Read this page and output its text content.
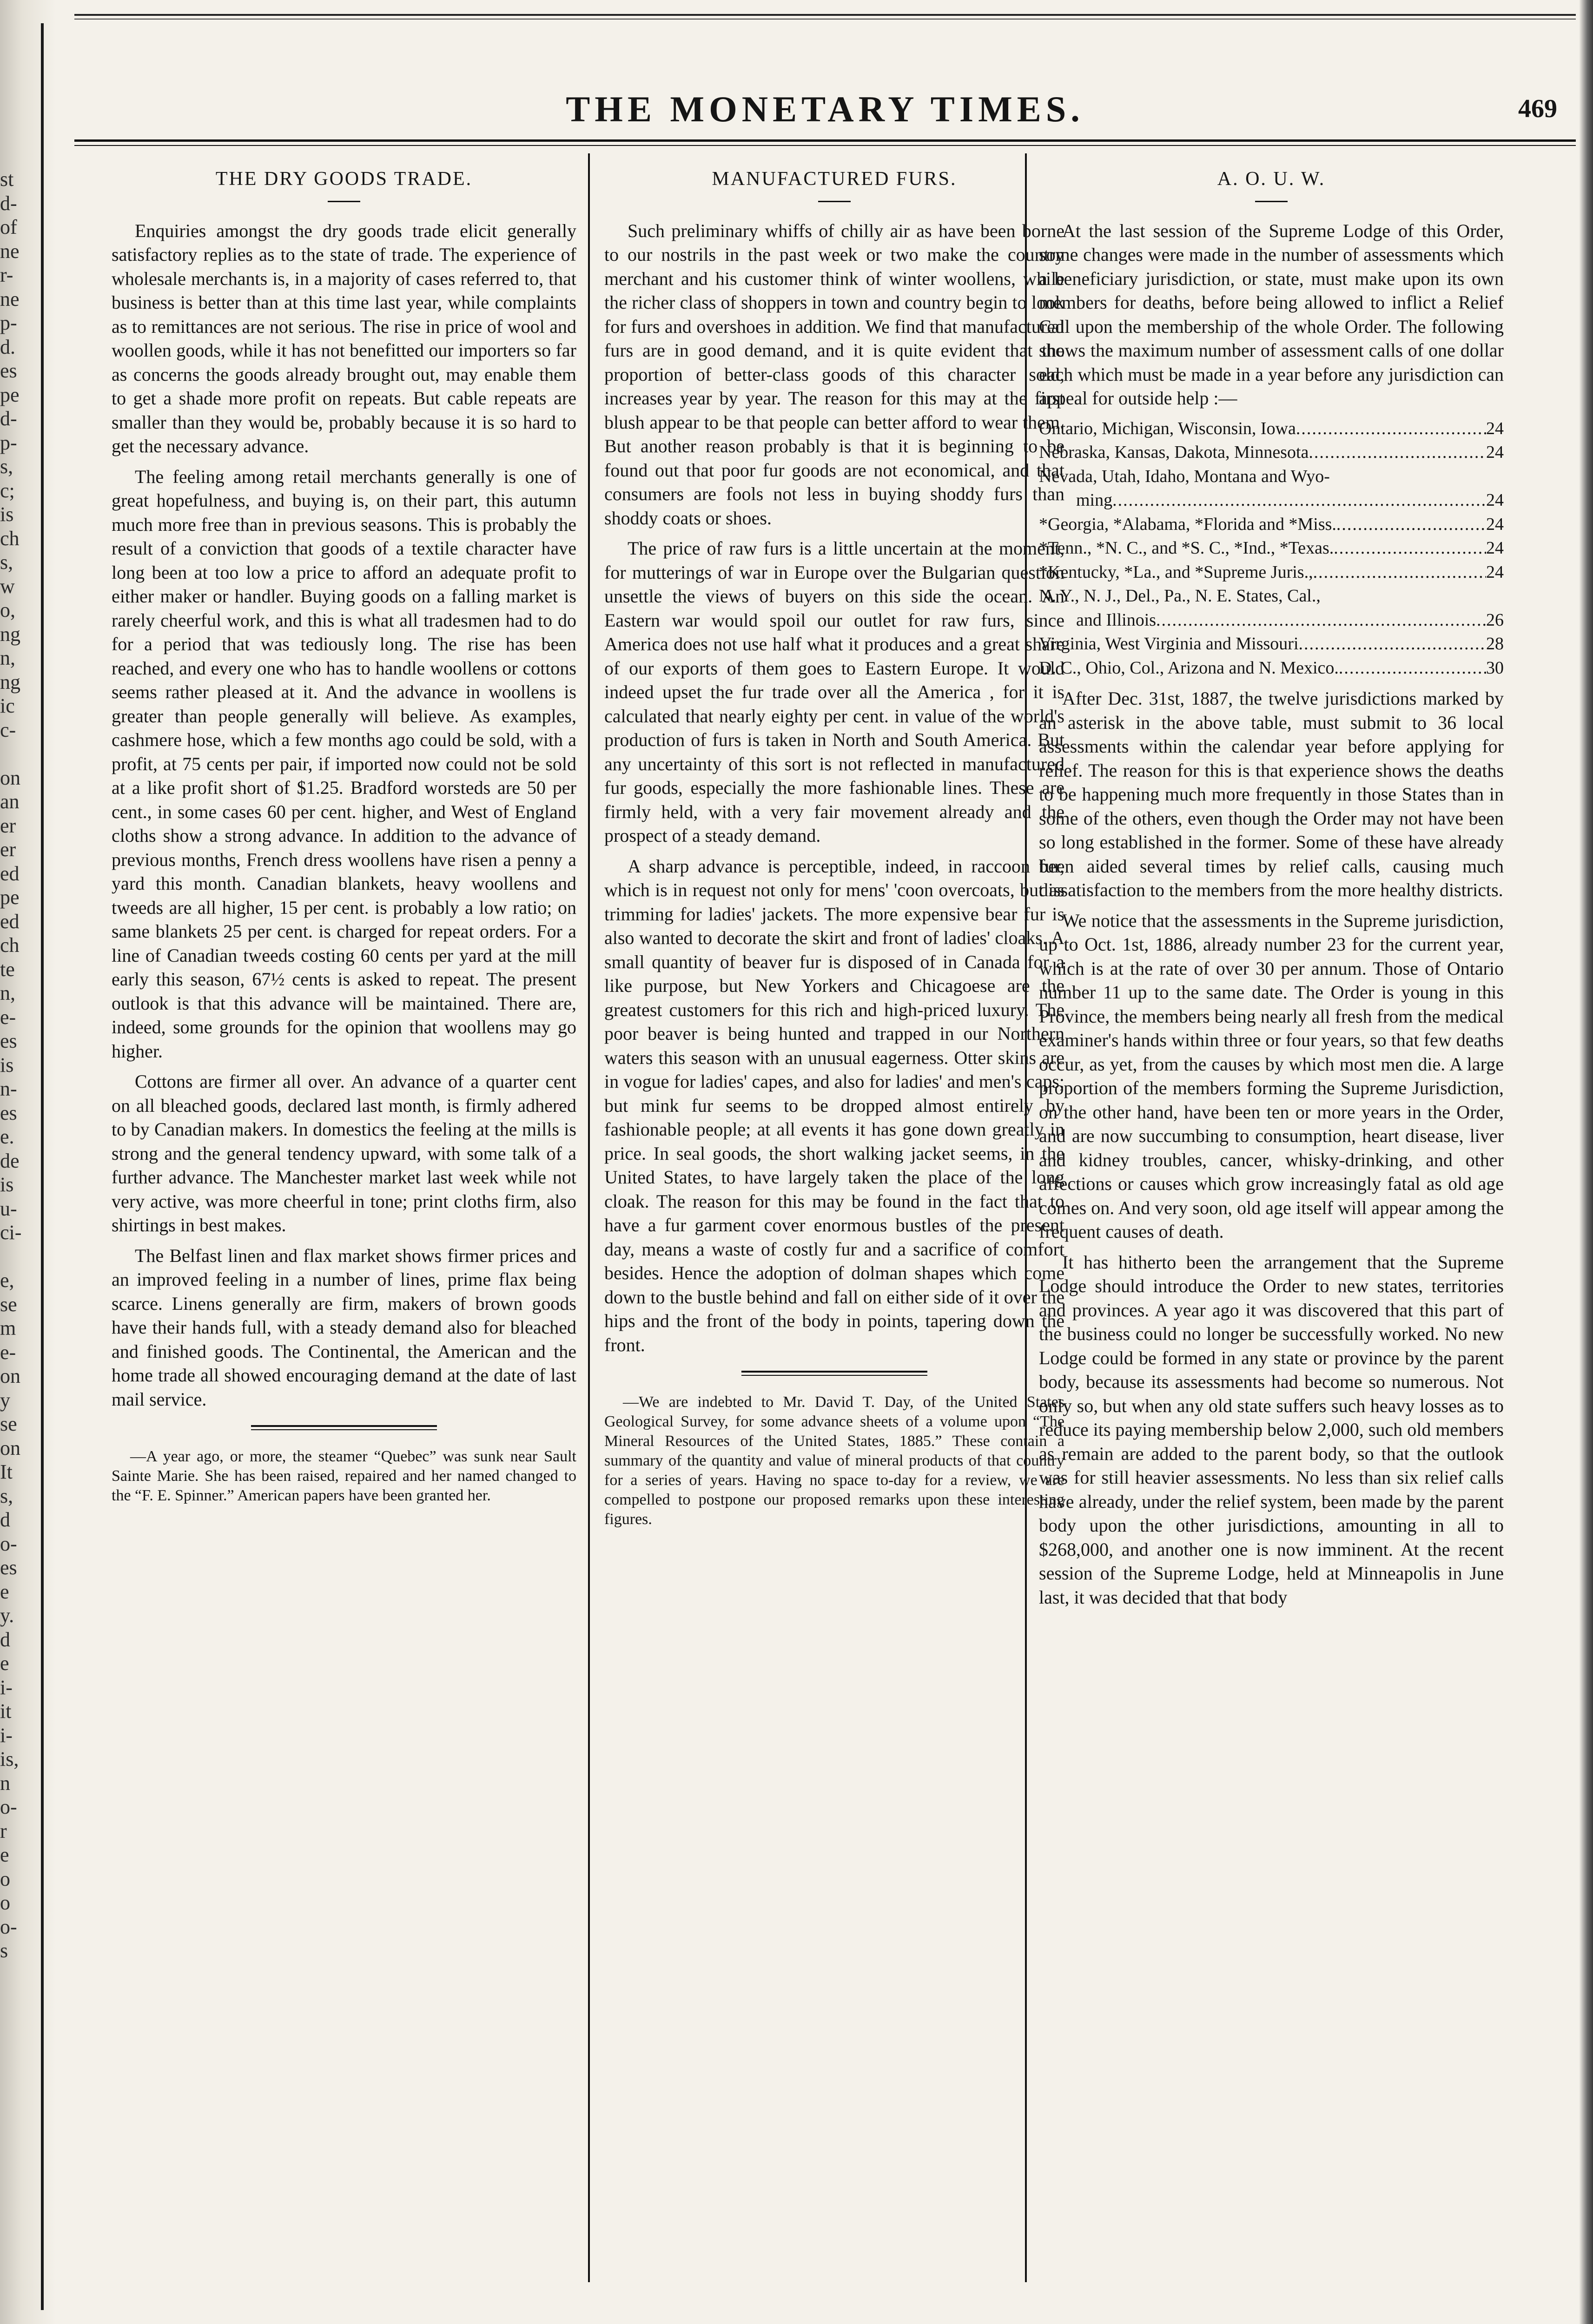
st
d-
of
ne
r-
ne
p-
d.
es
pe
d-
p-
s,
c;
is
ch
s,
w
o,
ng
n,
ng
ic
c-
on
an
er
er
ed
pe
ed
ch
te
n,
e-
es
is
n-
es
e.
de
is
u-
ci-
e,
se
m
e-
on
y
se
on
It
s,
d
o-
es
e
y.
d
e
i-
it
i-
is,
n
o-
r
e
o
o
o-
s
THE MONETARY TIMES.	469
THE DRY GOODS TRADE.

Enquiries amongst the dry goods trade elicit generally satisfactory replies as to the state of trade. The experience of wholesale merchants is, in a majority of cases referred to, that business is better than at this time last year, while complaints as to remittances are not serious. The rise in price of wool and woollen goods, while it has not benefitted our importers so far as concerns the goods already brought out, may enable them to get a shade more profit on repeats. But cable repeats are smaller than they would be, probably because it is so hard to get the necessary advance.

The feeling among retail merchants generally is one of great hopefulness, and buying is, on their part, this autumn much more free than in previous seasons. This is probably the result of a conviction that goods of a textile character have long been at too low a price to afford an adequate profit to either maker or handler. Buying goods on a falling market is rarely cheerful work, and this is what all tradesmen had to do for a period that was tediously long. The rise has been reached, and every one who has to handle woollens or cottons seems rather pleased at it. And the advance in woollens is greater than people generally will believe. As examples, cashmere hose, which a few months ago could be sold, with a profit, at 75 cents per pair, if imported now could not be sold at a like profit short of $1.25. Bradford worsteds are 50 per cent., in some cases 60 per cent. higher, and West of England cloths show a strong advance. In addition to the advance of previous months, French dress woollens have risen a penny a yard this month. Canadian blankets, heavy woollens and tweeds are all higher, 15 per cent. is probably a low ratio; on same blankets 25 per cent. is charged for repeat orders. For a line of Canadian tweeds costing 60 cents per yard at the mill early this season, 67½ cents is asked to repeat. The present outlook is that this advance will be maintained. There are, indeed, some grounds for the opinion that woollens may go higher.

Cottons are firmer all over. An advance of a quarter cent on all bleached goods, declared last month, is firmly adhered to by Canadian makers. In domestics the feeling at the mills is strong and the general tendency upward, with some talk of a further advance. The Manchester market last week while not very active, was more cheerful in tone; print cloths firm, also shirtings in best makes.

The Belfast linen and flax market shows firmer prices and an improved feeling in a number of lines, prime flax being scarce. Linens generally are firm, makers of brown goods have their hands full, with a steady demand also for bleached and finished goods. The Continental, the American and the home trade all showed encouraging demand at the date of last mail service.

—A year ago, or more, the steamer “Quebec” was sunk near Sault Sainte Marie. She has been raised, repaired and her named changed to the “F. E. Spinner.” American papers have been granted her.

MANUFACTURED FURS.

Such preliminary whiffs of chilly air as have been borne to our nostrils in the past week or two make the country merchant and his customer think of winter woollens, while the richer class of shoppers in town and country begin to look for furs and overshoes in addition. We find that manufactured furs are in good demand, and it is quite evident that the proportion of better-class goods of this character sold, increases year by year. The reason for this may at the first blush appear to be that people can better afford to wear them. But another reason probably is that it is beginning to be found out that poor fur goods are not economical, and that consumers are fools not less in buying shoddy furs than shoddy coats or shoes.

The price of raw furs is a little uncertain at the moment, for mutterings of war in Europe over the Bulgarian question unsettle the views of buyers on this side the ocean. An Eastern war would spoil our outlet for raw furs, since America does not use half what it produces and a great share of our exports of them goes to Eastern Europe. It would indeed upset the fur trade over all the America , for it is calculated that nearly eighty per cent. in value of the world's production of furs is taken in North and South America. But any uncertainty of this sort is not reflected in manufactured fur goods, especially the more fashionable lines. These are firmly held, with a very fair movement already and the prospect of a steady demand.

A sharp advance is perceptible, indeed, in raccoon fur, which is in request not only for mens' 'coon overcoats, but as trimming for ladies' jackets. The more expensive bear fur is also wanted to decorate the skirt and front of ladies' cloaks. A small quantity of beaver fur is disposed of in Canada for a like purpose, but New Yorkers and Chicagoese are the greatest customers for this rich and high-priced luxury. The poor beaver is being hunted and trapped in our Northern waters this season with an unusual eagerness. Otter skins are in vogue for ladies' capes, and also for ladies' and men's caps; but mink fur seems to be dropped almost entirely by fashionable people; at all events it has gone down greatly in price. In seal goods, the short walking jacket seems, in the United States, to have largely taken the place of the long cloak. The reason for this may be found in the fact that to have a fur garment cover enormous bustles of the present day, means a waste of costly fur and a sacrifice of comfort besides. Hence the adoption of dolman shapes which come down to the bustle behind and fall on either side of it over the hips and the front of the body in points, tapering down the front.

—We are indebted to Mr. David T. Day, of the United States Geological Survey, for some advance sheets of a volume upon “The Mineral Resources of the United States, 1885.” These contain a summary of the quantity and value of mineral products of that country for a series of years. Having no space to-day for a review, we are compelled to postpone our proposed remarks upon these interesting figures.

A. O. U. W.

At the last session of the Supreme Lodge of this Order, some changes were made in the number of assessments which a beneficiary jurisdiction, or state, must make upon its own members for deaths, before being allowed to inflict a Relief Call upon the membership of the whole Order. The following shows the maximum number of assessment calls of one dollar each which must be made in a year before any jurisdiction can appeal for outside help :—

Ontario, Michigan, Wisconsin, Iowa .....	24
Nebraska, Kansas, Dakota, Minnesota .....	24
Nevada, Utah, Idaho, Montana and Wyo-
ming .....	24
*Georgia, *Alabama, *Florida and *Miss. .....	24
*Tenn., *N. C., and *S. C., *Ind., *Texas. .....	24
*Kentucky, *La., and *Supreme Juris., .....	24
N. Y., N. J., Del., Pa., N. E. States, Cal.,
and Illinois .....	26
Virginia, West Virginia and Missouri .....	28
D. C., Ohio, Col., Arizona and N. Mexico. .....	30

After Dec. 31st, 1887, the twelve jurisdictions marked by an asterisk in the above table, must submit to 36 local assessments within the calendar year before applying for relief. The reason for this is that experience shows the deaths to be happening much more frequently in those States than in some of the others, even though the Order may not have been so long established in the former. Some of these have already been aided several times by relief calls, causing much dissatisfaction to the members from the more healthy districts.

We notice that the assessments in the Supreme jurisdiction, up to Oct. 1st, 1886, already number 23 for the current year, which is at the rate of over 30 per annum. Those of Ontario number 11 up to the same date. The Order is young in this Province, the members being nearly all fresh from the medical examiner's hands within three or four years, so that few deaths occur, as yet, from the causes by which most men die. A large proportion of the members forming the Supreme Jurisdiction, on the other hand, have been ten or more years in the Order, and are now succumbing to consumption, heart disease, liver and kidney troubles, cancer, whisky-drinking, and other affections or causes which grow increasingly fatal as old age comes on. And very soon, old age itself will appear among the frequent causes of death.

It has hitherto been the arrangement that the Supreme Lodge should introduce the Order to new states, territories and provinces. A year ago it was discovered that this part of the business could no longer be successfully worked. No new Lodge could be formed in any state or province by the parent body, because its assessments had become so numerous. Not only so, but when any old state suffers such heavy losses as to reduce its paying membership below 2,000, such old members as remain are added to the parent body, so that the outlook was for still heavier assessments. No less than six relief calls have already, under the relief system, been made by the parent body upon the other jurisdictions, amounting in all to $268,000, and another one is now imminent. At the recent session of the Supreme Lodge, held at Minneapolis in June last, it was decided that that body
